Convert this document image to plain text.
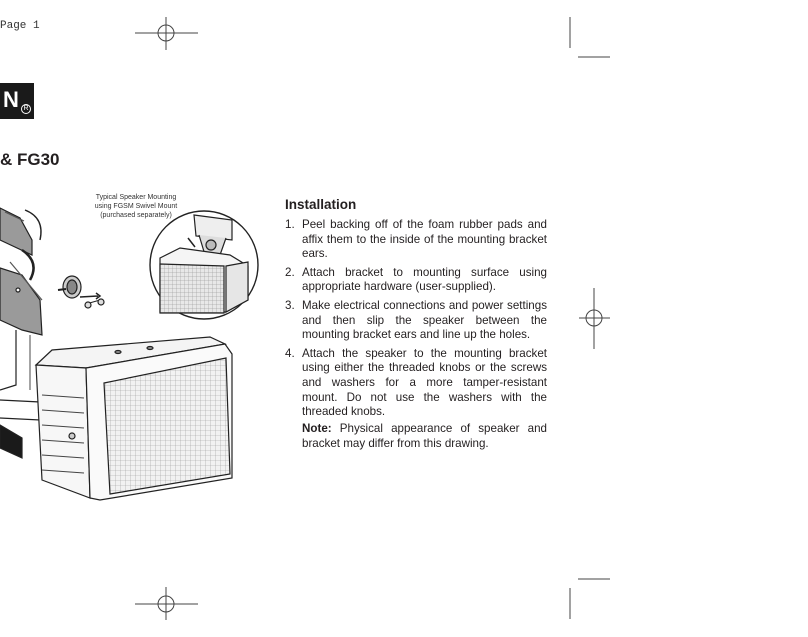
Page 1
N R
& FG30
Typical Speaker Mounting
using FGSM Swivel Mount
(purchased separately)
Installation
1. Peel backing off of the foam rubber pads and affix them to the inside of the mounting bracket ears.
2. Attach bracket to mounting surface using appropriate hardware (user-supplied).
3. Make electrical connections and power settings and then slip the speaker between the mounting bracket ears and line up the holes.
4. Attach the speaker to the mounting bracket using either the threaded knobs or the screws and washers for a more tamper-resistant mount. Do not use the washers with the threaded knobs.
Note: Physical appearance of speaker and bracket may differ from this drawing.
